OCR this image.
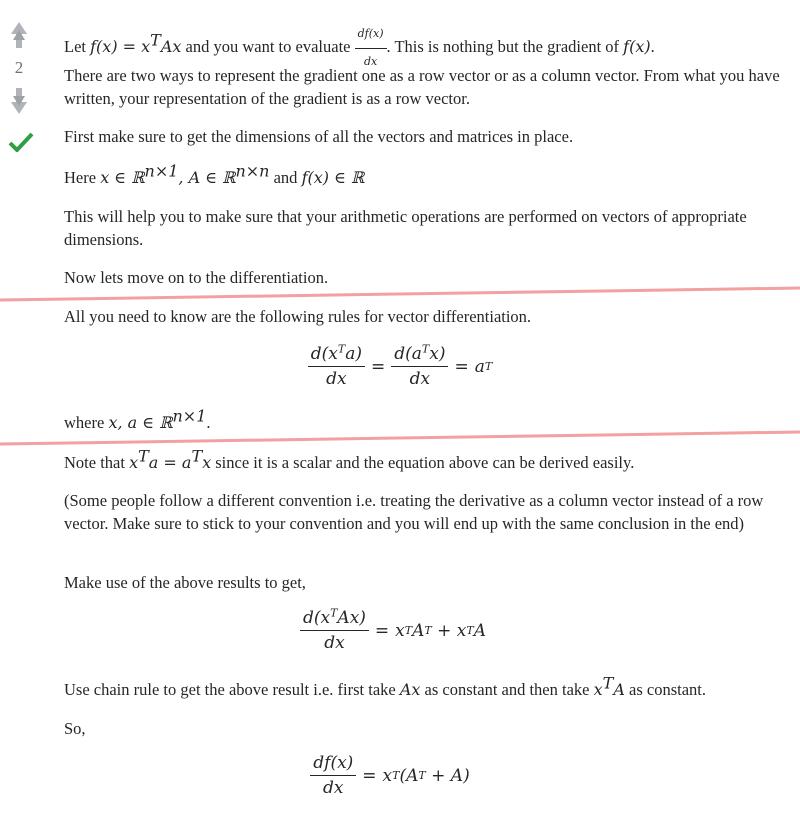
2
Let $f(x) = x^TAx$ and you want to evaluate $\frac{df(x)}{dx}$ . This is nothing but the gradient of f(x).
There are two ways to represent the gradient one as a row vector or as a column vector. From what you have written, your representation of the gradient is as a row vector.
First make sure to get the dimensions of all the vectors and matrices in place.
Here x ∈ ℝ$^{n\times 1}$, A ∈ ℝ$^{n\times n}$ and f(x) ∈ ℝ
This will help you to make sure that your arithmetic operations are performed on vectors of appropriate dimensions.
Now lets move on to the differentiation.
All you need to know are the following rules for vector differentiation.
$\frac{d(x^Ta)}{dx} = \frac{d(a^Tx)}{dx} = a$ T
where x, a ∈ ℝ$^{n\times 1}$.
Note that $x^Ta = a^Tx$ since it is a scalar and the equation above can be derived easily.
(Some people follow a different convention i.e. treating the derivative as a column vector instead of a row vector. Make sure to stick to your convention and you will end up with the same conclusion in the end)
Make use of the above results to get,
$\frac{d(x^TAx)}{dx} = x$ T A T
+ x T A
Use chain rule to get the above result i.e. first take Ax as constant and then take $x^TA$ as constant.
So,
$\frac{df(x)}{dx} = x$ T (A T
+ A)
